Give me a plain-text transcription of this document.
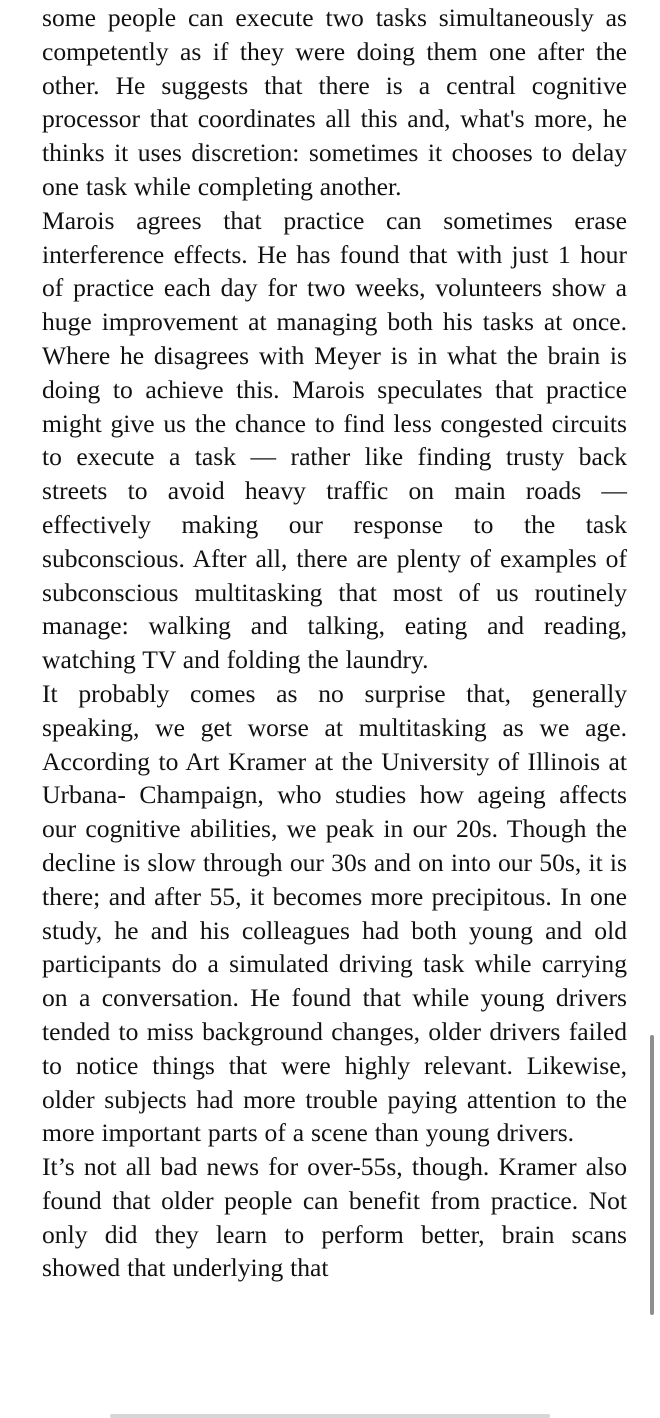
some people can execute two tasks simultaneously as competently as if they were doing them one after the other. He suggests that there is a central cognitive processor that coordinates all this and, what's more, he thinks it uses discretion: sometimes it chooses to delay one task while completing another.

Marois agrees that practice can sometimes erase interference effects. He has found that with just 1 hour of practice each day for two weeks, volunteers show a huge improvement at managing both his tasks at once. Where he disagrees with Meyer is in what the brain is doing to achieve this. Marois speculates that practice might give us the chance to find less congested circuits to execute a task — rather like finding trusty back streets to avoid heavy traffic on main roads — effectively making our response to the task subconscious. After all, there are plenty of examples of subconscious multitasking that most of us routinely manage: walking and talking, eating and reading, watching TV and folding the laundry.

It probably comes as no surprise that, generally speaking, we get worse at multitasking as we age. According to Art Kramer at the University of Illinois at Urbana- Champaign, who studies how ageing affects our cognitive abilities, we peak in our 20s. Though the decline is slow through our 30s and on into our 50s, it is there; and after 55, it becomes more precipitous. In one study, he and his colleagues had both young and old participants do a simulated driving task while carrying on a conversation. He found that while young drivers tended to miss background changes, older drivers failed to notice things that were highly relevant. Likewise, older subjects had more trouble paying attention to the more important parts of a scene than young drivers.

It’s not all bad news for over-55s, though. Kramer also found that older people can benefit from practice. Not only did they learn to perform better, brain scans showed that underlying that
